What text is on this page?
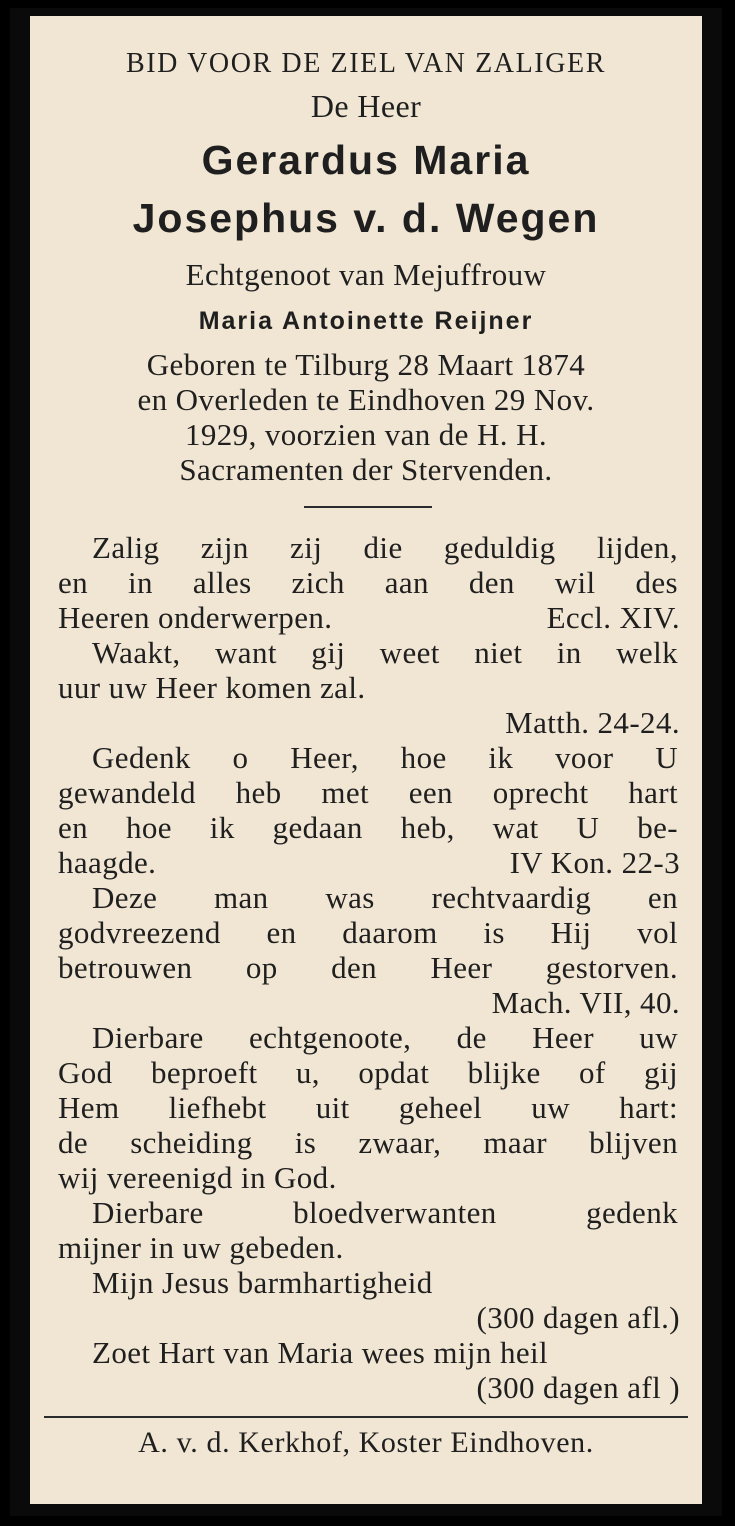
BID VOOR DE ZIEL VAN ZALIGER
De Heer
Gerardus Maria
Josephus v. d. Wegen
Echtgenoot van Mejuffrouw
Maria Antoinette Reijner
Geboren te Tilburg 28 Maart 1874
en Overleden te Eindhoven 29 Nov.
1929, voorzien van de H. H.
Sacramenten der Stervenden.
Zalig zijn zij die geduldig lijden,
en in alles zich aan den wil des
Heeren onderwerpen.	Eccl. XIV.
Waakt, want gij weet niet in welk
uur uw Heer komen zal.
Matth. 24-24.
Gedenk o Heer, hoe ik voor U
gewandeld heb met een oprecht hart
en hoe ik gedaan heb, wat U be-
haagde.	IV Kon. 22-3
Deze man was rechtvaardig en
godvreezend en daarom is Hij vol
betrouwen op den Heer gestorven.
Mach. VII, 40.
Dierbare echtgenoote, de Heer uw
God beproeft u, opdat blijke of gij
Hem liefhebt uit geheel uw hart:
de scheiding is zwaar, maar blijven
wij vereenigd in God.
Dierbare bloedverwanten gedenk
mijner in uw gebeden.
Mijn Jesus barmhartigheid
(300 dagen afl.)
Zoet Hart van Maria wees mijn heil
(300 dagen afl )
A. v. d. Kerkhof, Koster Eindhoven.
